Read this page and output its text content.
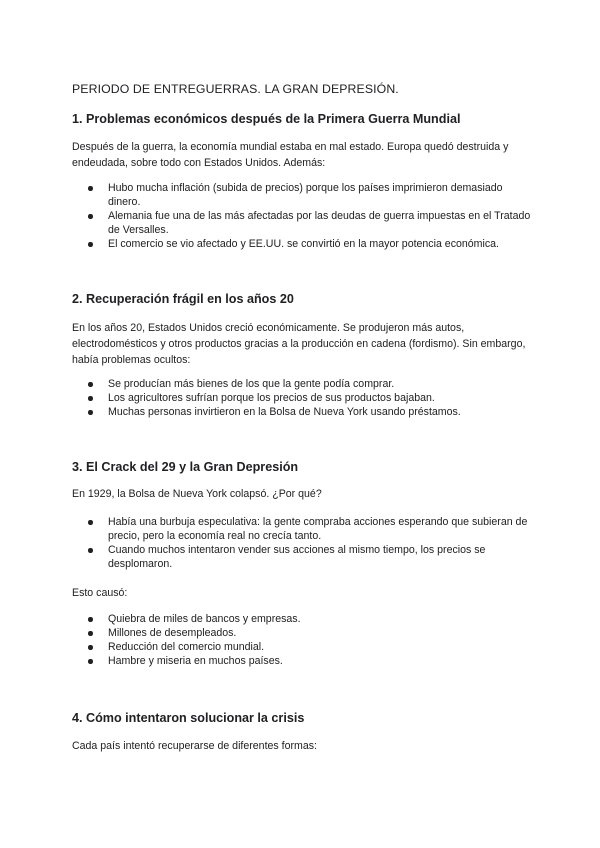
PERIODO DE ENTREGUERRAS. LA GRAN DEPRESIÓN.
1. Problemas económicos después de la Primera Guerra Mundial

Después de la guerra, la economía mundial estaba en mal estado. Europa quedó destruida y endeudada, sobre todo con Estados Unidos. Además:

Hubo mucha inflación (subida de precios) porque los países imprimieron demasiado dinero.
Alemania fue una de las más afectadas por las deudas de guerra impuestas en el Tratado de Versalles.
El comercio se vio afectado y EE.UU. se convirtió en la mayor potencia económica.
2. Recuperación frágil en los años 20

En los años 20, Estados Unidos creció económicamente. Se produjeron más autos, electrodomésticos y otros productos gracias a la producción en cadena (fordismo). Sin embargo, había problemas ocultos:

Se producían más bienes de los que la gente podía comprar.
Los agricultores sufrían porque los precios de sus productos bajaban.
Muchas personas invirtieron en la Bolsa de Nueva York usando préstamos.
3. El Crack del 29 y la Gran Depresión

En 1929, la Bolsa de Nueva York colapsó. ¿Por qué?

Había una burbuja especulativa: la gente compraba acciones esperando que subieran de precio, pero la economía real no crecía tanto.
Cuando muchos intentaron vender sus acciones al mismo tiempo, los precios se desplomaron.

Esto causó:

Quiebra de miles de bancos y empresas.
Millones de desempleados.
Reducción del comercio mundial.
Hambre y miseria en muchos países.
4. Cómo intentaron solucionar la crisis

Cada país intentó recuperarse de diferentes formas:
